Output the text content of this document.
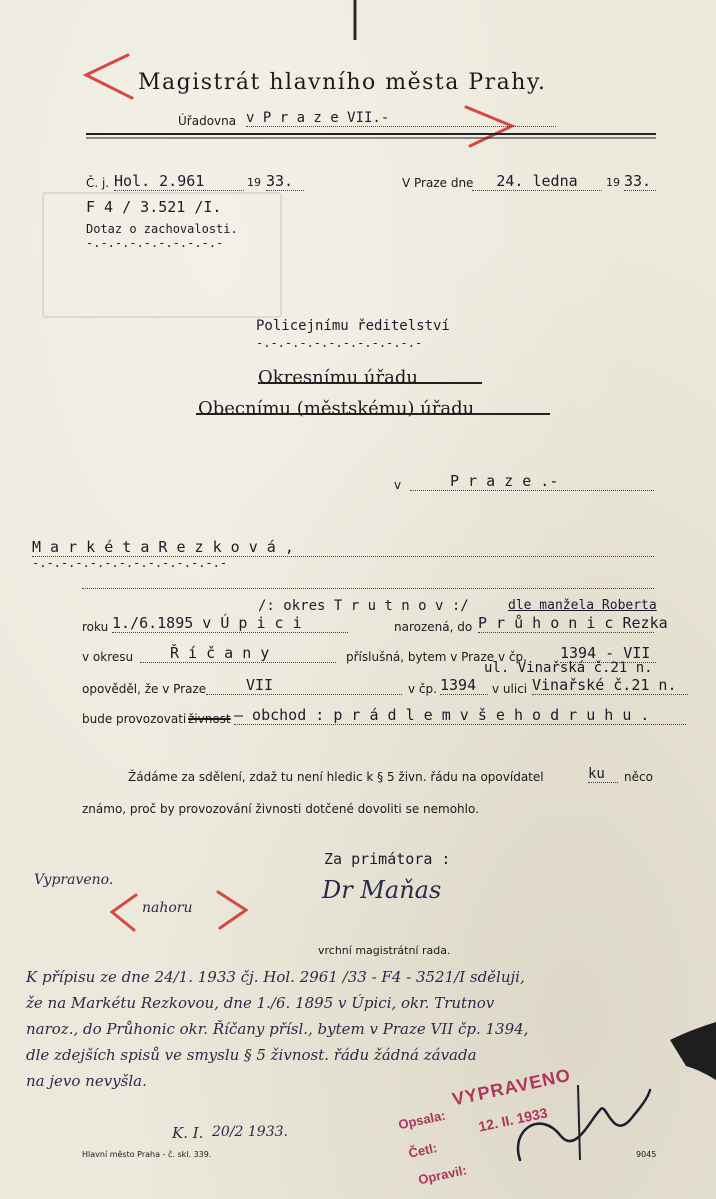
Magistrát hlavního města Prahy.
Úřadovna v P r a z e VII.-
Č. j. Hol. 2.961	19 33.
F 4 / 3.521 /I.
Dotaz o zachovalosti.
-.-.-.-.-.-.-.-.-.-
V Praze dne	24. ledna	19 33.
Policejnímu ředitelství
-.-.-.-.-.-.-.-.-.-.-.-
Okresnímu úřadu
Obecnímu (městskému) úřadu
v	P r a z e .-
M a r k é t a R e z k o v á ,
-.-.-.-.-.-.-.-.-.-.-.-.-.-
/: okres T r u t n o v :/	dle manžela Roberta
roku 1./6.1895 v Ú p i c i	narozená, do P r ů h o n i c Rezka
v okresu	Ř í č a n y	příslušná, bytem v Praze v čp. 1394 - VII
ul. Vinařská č.21 n.
opověděl, že v Praze	VII	v čp. 1394	v ulici Vinařské č.21 n.
bude provozovati živnost — obchod : p r á d l e m v š e h o d r u h u .
Žádáme za sdělení, zdaž tu není hledic k § 5 živn. řádu na opovídatel	ku	něco
známo, proč by provozování živnosti dotčené dovoliti se nemohlo.
Za primátora :
Dr Maňas
vrchní magistrátní rada.
Vypraveno.
nahoru
K přípisu ze dne 24/1. 1933 čj. Hol. 2961 /33 - F4 - 3521/I sděluji,
že na Markétu Rezkovou, dne 1./6. 1895 v Úpici, okr. Trutnov
naroz., do Průhonic okr. Říčany přísl., bytem v Praze VII čp. 1394,
dle zdejších spisů ve smyslu § 5 živnost. řádu žádná závada
na jevo nevyšla.
K. I. 20/2 1933.
Hlavní město Praha - č. skl. 339.	9045
Opsala:
VYPRAVENO
12. II. 1933
Četl:
Opravil:
